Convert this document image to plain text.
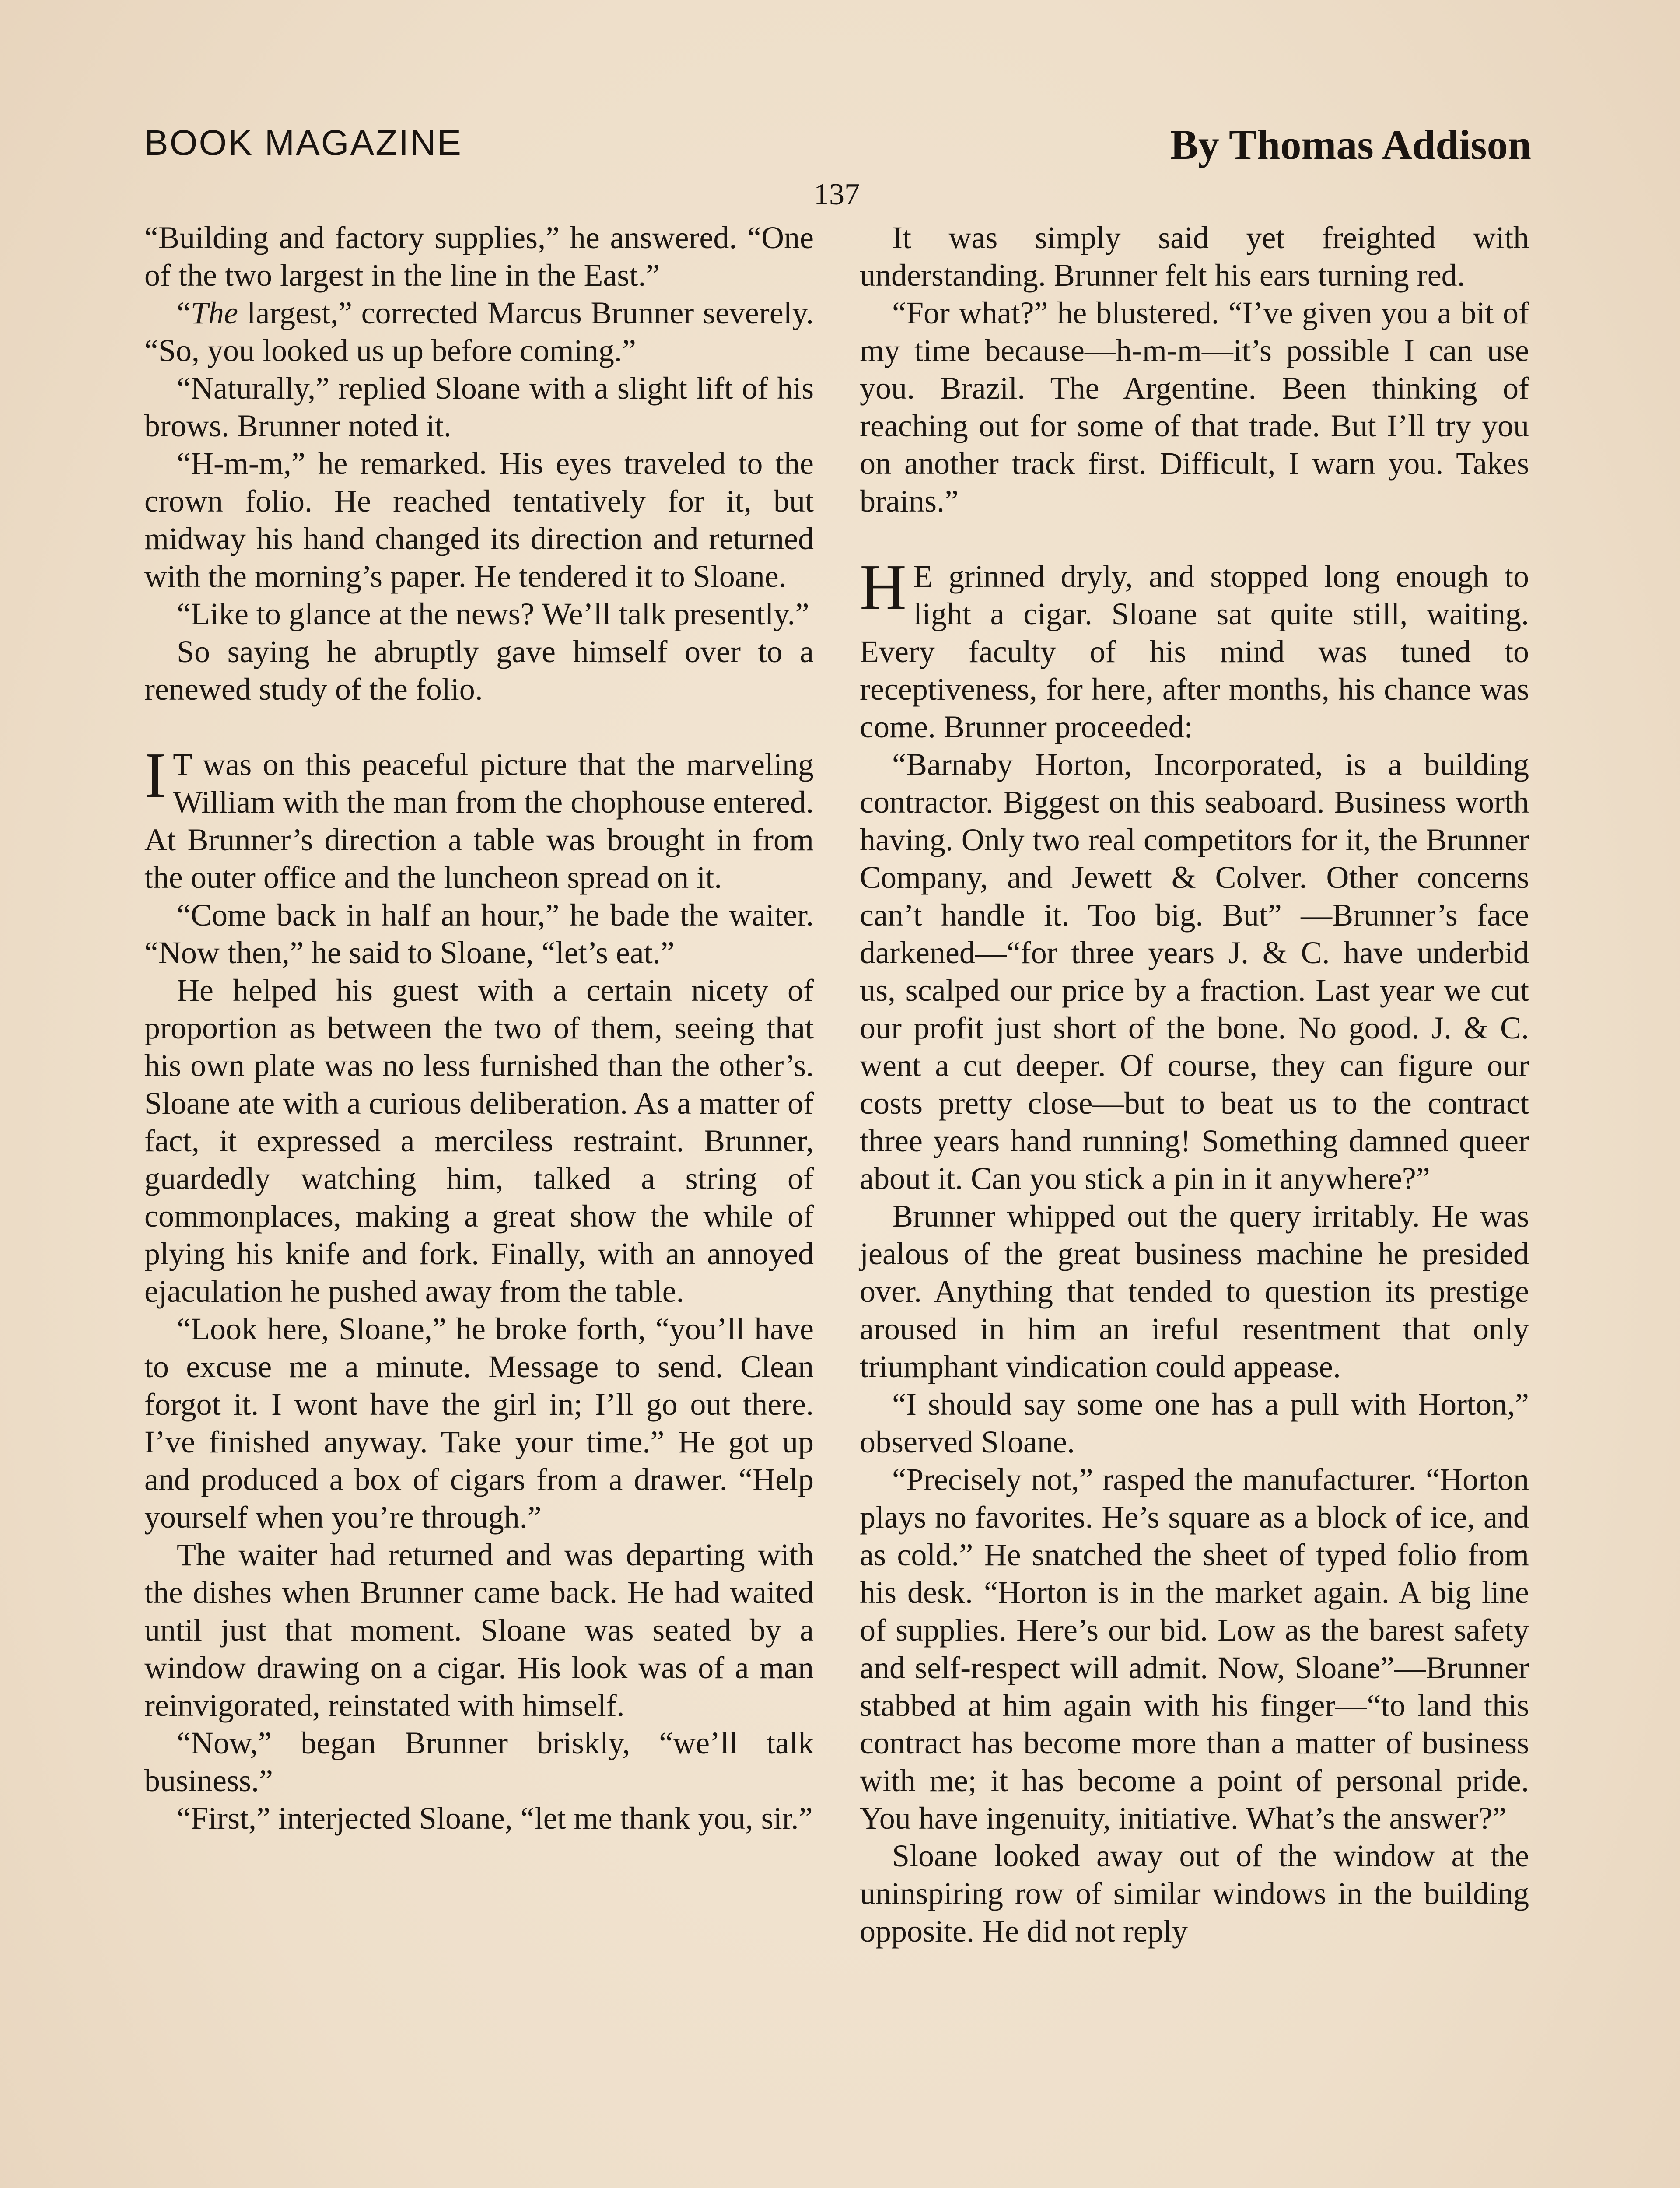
BOOK MAGAZINE	By Thomas Addison
137

“Building and factory supplies,” he answered. “One of the two largest in the line in the East.”

“The largest,” corrected Marcus Brunner severely. “So, you looked us up before coming.”

“Naturally,” replied Sloane with a slight lift of his brows. Brunner noted it.

“H-m-m,” he remarked. His eyes traveled to the crown folio. He reached tentatively for it, but midway his hand changed its direction and returned with the morning’s paper. He tendered it to Sloane.

“Like to glance at the news? We’ll talk presently.”

So saying he abruptly gave himself over to a renewed study of the folio.

I T was on this peaceful picture that the marveling William with the man from the chophouse entered. At Brunner’s direction a table was brought in from the outer office and the luncheon spread on it.

“Come back in half an hour,” he bade the waiter. “Now then,” he said to Sloane, “let’s eat.”

He helped his guest with a certain nicety of proportion as between the two of them, seeing that his own plate was no less furnished than the other’s. Sloane ate with a curious deliberation. As a matter of fact, it expressed a merciless restraint. Brunner, guardedly watching him, talked a string of commonplaces, making a great show the while of plying his knife and fork. Finally, with an annoyed ejaculation he pushed away from the table.

“Look here, Sloane,” he broke forth, “you’ll have to excuse me a minute. Message to send. Clean forgot it. I wont have the girl in; I’ll go out there. I’ve finished anyway. Take your time.” He got up and produced a box of cigars from a drawer. “Help yourself when you’re through.”

The waiter had returned and was departing with the dishes when Brunner came back. He had waited until just that moment. Sloane was seated by a window drawing on a cigar. His look was of a man reinvigorated, reinstated with himself.

“Now,” began Brunner briskly, “we’ll talk business.”

“First,” interjected Sloane, “let me thank you, sir.”

It was simply said yet freighted with understanding. Brunner felt his ears turning red.

“For what?” he blustered. “I’ve given you a bit of my time because—h-m-m—it’s possible I can use you. Brazil. The Argentine. Been thinking of reaching out for some of that trade. But I’ll try you on another track first. Difficult, I warn you. Takes brains.”

H E grinned dryly, and stopped long enough to light a cigar. Sloane sat quite still, waiting. Every faculty of his mind was tuned to receptiveness, for here, after months, his chance was come. Brunner proceeded:

“Barnaby Horton, Incorporated, is a building contractor. Biggest on this seaboard. Business worth having. Only two real competitors for it, the Brunner Company, and Jewett & Colver. Other concerns can’t handle it. Too big. But” —Brunner’s face darkened—“for three years J. & C. have underbid us, scalped our price by a fraction. Last year we cut our profit just short of the bone. No good. J. & C. went a cut deeper. Of course, they can figure our costs pretty close—but to beat us to the contract three years hand running! Something damned queer about it. Can you stick a pin in it anywhere?”

Brunner whipped out the query irritably. He was jealous of the great business machine he presided over. Anything that tended to question its prestige aroused in him an ireful resentment that only triumphant vindication could appease.

“I should say some one has a pull with Horton,” observed Sloane.

“Precisely not,” rasped the manufacturer. “Horton plays no favorites. He’s square as a block of ice, and as cold.” He snatched the sheet of typed folio from his desk. “Horton is in the market again. A big line of supplies. Here’s our bid. Low as the barest safety and self-respect will admit. Now, Sloane”—Brunner stabbed at him again with his finger—“to land this contract has become more than a matter of business with me; it has become a point of personal pride. You have ingenuity, initiative. What’s the answer?”

Sloane looked away out of the window at the uninspiring row of similar windows in the building opposite. He did not reply
